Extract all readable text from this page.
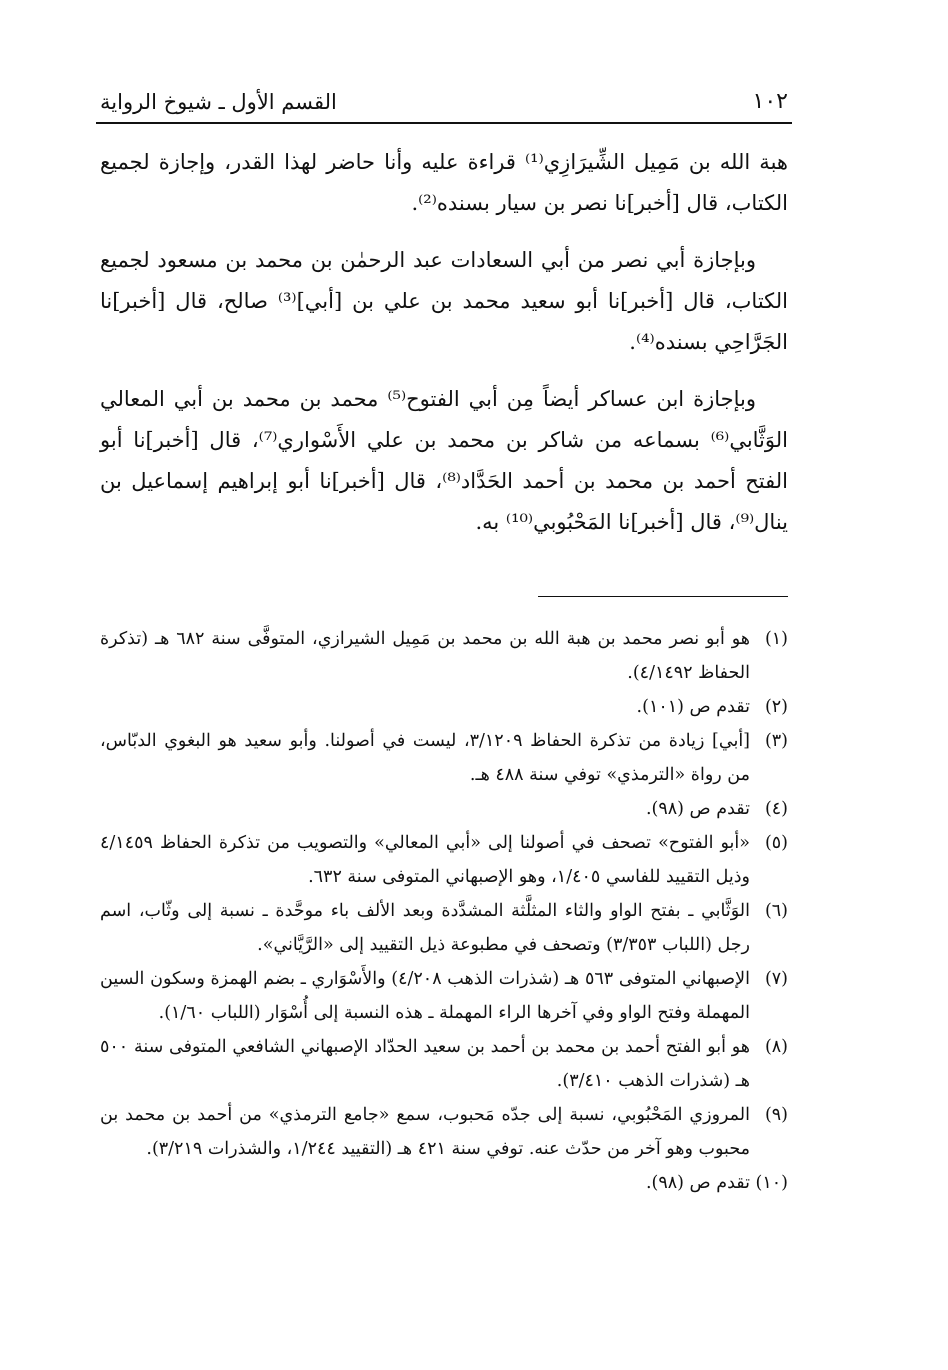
١٠٢
القسم الأول ـ شيوخ الرواية

هبة الله بن مَمِيل الشِّيرَازِي⁽¹⁾ قراءة عليه وأنا حاضر لهذا القدر، وإجازة لجميع الكتاب، قال [أخبر]نا نصر بن سيار بسنده⁽²⁾.

وبإجازة أبي نصر من أبي السعادات عبد الرحمٰن بن محمد بن مسعود لجميع الكتاب، قال [أخبر]نا أبو سعيد محمد بن علي بن [أبي]⁽³⁾ صالح، قال [أخبر]نا الجَرَّاحِي بسنده⁽⁴⁾.

وبإجازة ابن عساكر أيضاً مِن أبي الفتوح⁽⁵⁾ محمد بن محمد بن أبي المعالي الوَثَّابي⁽⁶⁾ بسماعه من شاكر بن محمد بن علي الأَسْواري⁽⁷⁾، قال [أخبر]نا أبو الفتح أحمد بن محمد بن أحمد الحَدَّاد⁽⁸⁾، قال [أخبر]نا أبو إبراهيم إسماعيل بن ينال⁽⁹⁾، قال [أخبر]نا المَحْبُوبي⁽¹⁰⁾ به.

(١)
هو أبو نصر محمد بن هبة الله بن محمد بن مَمِيل الشيرازي، المتوفَّى سنة ٦٨٢ هـ (تذكرة الحفاظ ٤/١٤٩٢).
(٢)
تقدم ص (١٠١).
(٣)
[أبي] زيادة من تذكرة الحفاظ ٣/١٢٠٩، ليست في أصولنا. وأبو سعيد هو البغوي الدبّاس، من رواة «الترمذي» توفي سنة ٤٨٨ هـ.
(٤)
تقدم ص (٩٨).
(٥)
«أبو الفتوح» تصحف في أصولنا إلى «أبي المعالي» والتصويب من تذكرة الحفاظ ٤/١٤٥٩ وذيل التقييد للفاسي ١/٤٠٥، وهو الإصبهاني المتوفى سنة ٦٣٢.
(٦)
الوَثَّابي ـ بفتح الواو والثاء المثلَّثة المشدَّدة وبعد الألف باء موحَّدة ـ نسبة إلى وثّاب، اسم رجل (اللباب ٣/٣٥٣) وتصحف في مطبوعة ذيل التقييد إلى «الرَّيَّاني».
(٧)
الإصبهاني المتوفى ٥٦٣ هـ (شذرات الذهب ٤/٢٠٨) والأَسْوَاري ـ بضم الهمزة وسكون السين المهملة وفتح الواو وفي آخرها الراء المهملة ـ هذه النسبة إلى أُسْوَار (اللباب ١/٦٠).
(٨)
هو أبو الفتح أحمد بن محمد بن أحمد بن سعيد الحدّاد الإصبهاني الشافعي المتوفى سنة ٥٠٠ هـ (شذرات الذهب ٣/٤١٠).
(٩)
المروزي المَحْبُوبي، نسبة إلى جدّه مَحبوب، سمع «جامع الترمذي» من أحمد بن محمد بن محبوب وهو آخر من حدّث عنه. توفي سنة ٤٢١ هـ (التقييد ١/٢٤٤، والشذرات ٣/٢١٩).
(١٠)
تقدم ص (٩٨).
